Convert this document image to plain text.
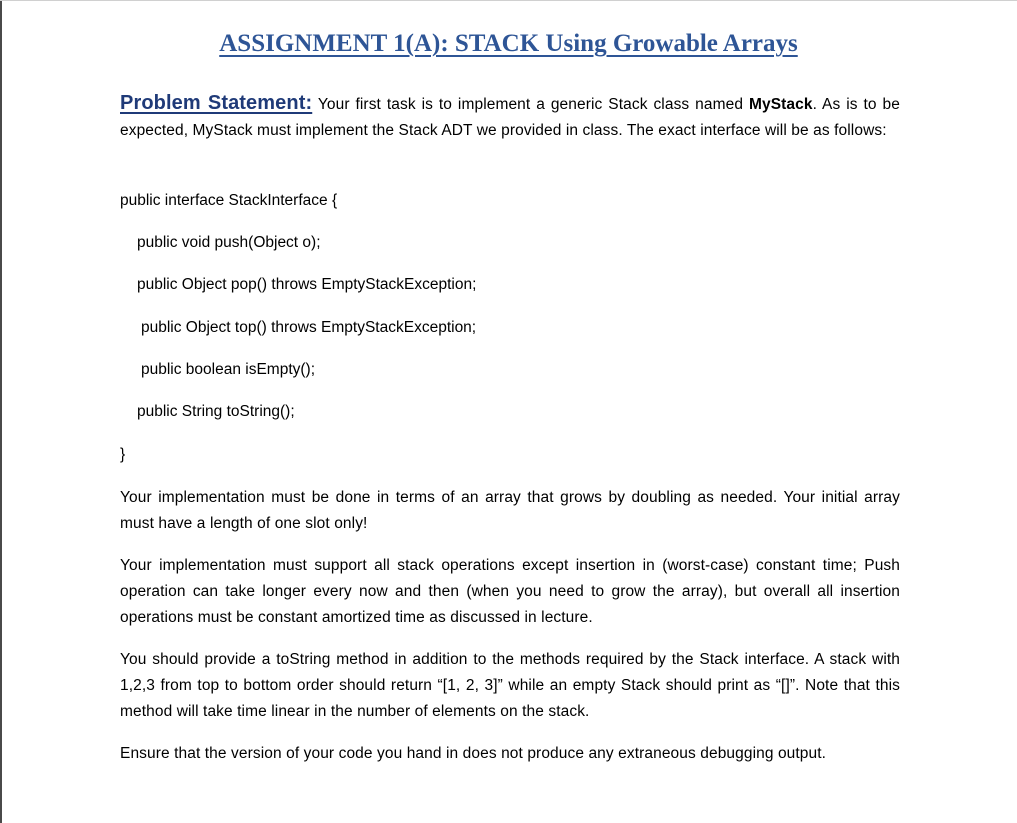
ASSIGNMENT 1(A): STACK Using Growable Arrays
Problem Statement: Your first task is to implement a generic Stack class named MyStack. As is to be expected, MyStack must implement the Stack ADT we provided in class. The exact interface will be as follows:
public interface StackInterface {
public void push(Object o);
public Object pop() throws EmptyStackException;
public Object top() throws EmptyStackException;
public boolean isEmpty();
public String toString();
}
Your implementation must be done in terms of an array that grows by doubling as needed. Your initial array must have a length of one slot only!
Your implementation must support all stack operations except insertion in (worst-case) constant time; Push operation can take longer every now and then (when you need to grow the array), but overall all insertion operations must be constant amortized time as discussed in lecture.
You should provide a toString method in addition to the methods required by the Stack interface. A stack with 1,2,3 from top to bottom order should return “[1, 2, 3]” while an empty Stack should print as “[]”. Note that this method will take time linear in the number of elements on the stack.
Ensure that the version of your code you hand in does not produce any extraneous debugging output.
